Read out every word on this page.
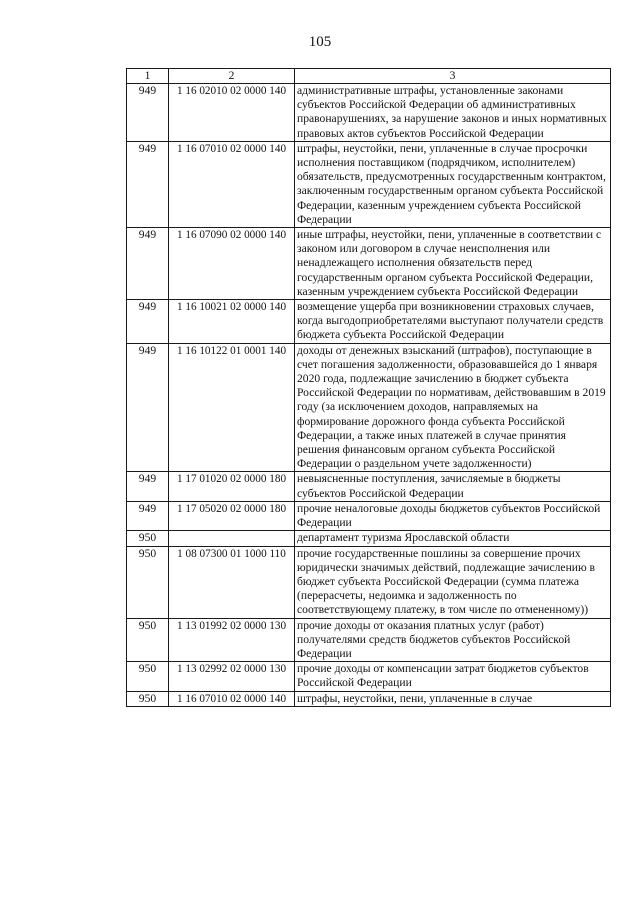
105
1	2	3
949	1 16 02010 02 0000 140	административные штрафы, установленные законами субъектов Российской Федерации об административных правонарушениях, за нарушение законов и иных нормативных правовых актов субъектов Российской Федерации
949	1 16 07010 02 0000 140	штрафы, неустойки, пени, уплаченные в случае просрочки исполнения поставщиком (подрядчиком, исполнителем) обязательств, предусмотренных государственным контрактом, заключенным государственным органом субъекта Российской Федерации, казенным учреждением субъекта Российской Федерации
949	1 16 07090 02 0000 140	иные штрафы, неустойки, пени, уплаченные в соответствии с законом или договором в случае неисполнения или ненадлежащего исполнения обязательств перед государственным органом субъекта Российской Федерации, казенным учреждением субъекта Российской Федерации
949	1 16 10021 02 0000 140	возмещение ущерба при возникновении страховых случаев, когда выгодоприобретателями выступают получатели средств бюджета субъекта Российской Федерации
949	1 16 10122 01 0001 140	доходы от денежных взысканий (штрафов), поступающие в счет погашения задолженности, образовавшейся до 1 января 2020 года, подлежащие зачислению в бюджет субъекта Российской Федерации по нормативам, действовавшим в 2019 году (за исключением доходов, направляемых на формирование дорожного фонда субъекта Российской Федерации, а также иных платежей в случае принятия решения финансовым органом субъекта Российской Федерации о раздельном учете задолженности)
949	1 17 01020 02 0000 180	невыясненные поступления, зачисляемые в бюджеты субъектов Российской Федерации
949	1 17 05020 02 0000 180	прочие неналоговые доходы бюджетов субъектов Российской Федерации
950		департамент туризма Ярославской области
950	1 08 07300 01 1000 110	прочие государственные пошлины за совершение прочих юридически значимых действий, подлежащие зачислению в бюджет субъекта Российской Федерации (сумма платежа (перерасчеты, недоимка и задолженность по соответствующему платежу, в том числе по отмененному))
950	1 13 01992 02 0000 130	прочие доходы от оказания платных услуг (работ) получателями средств бюджетов субъектов Российской Федерации
950	1 13 02992 02 0000 130	прочие доходы от компенсации затрат бюджетов субъектов Российской Федерации
950	1 16 07010 02 0000 140	штрафы, неустойки, пени, уплаченные в случае
